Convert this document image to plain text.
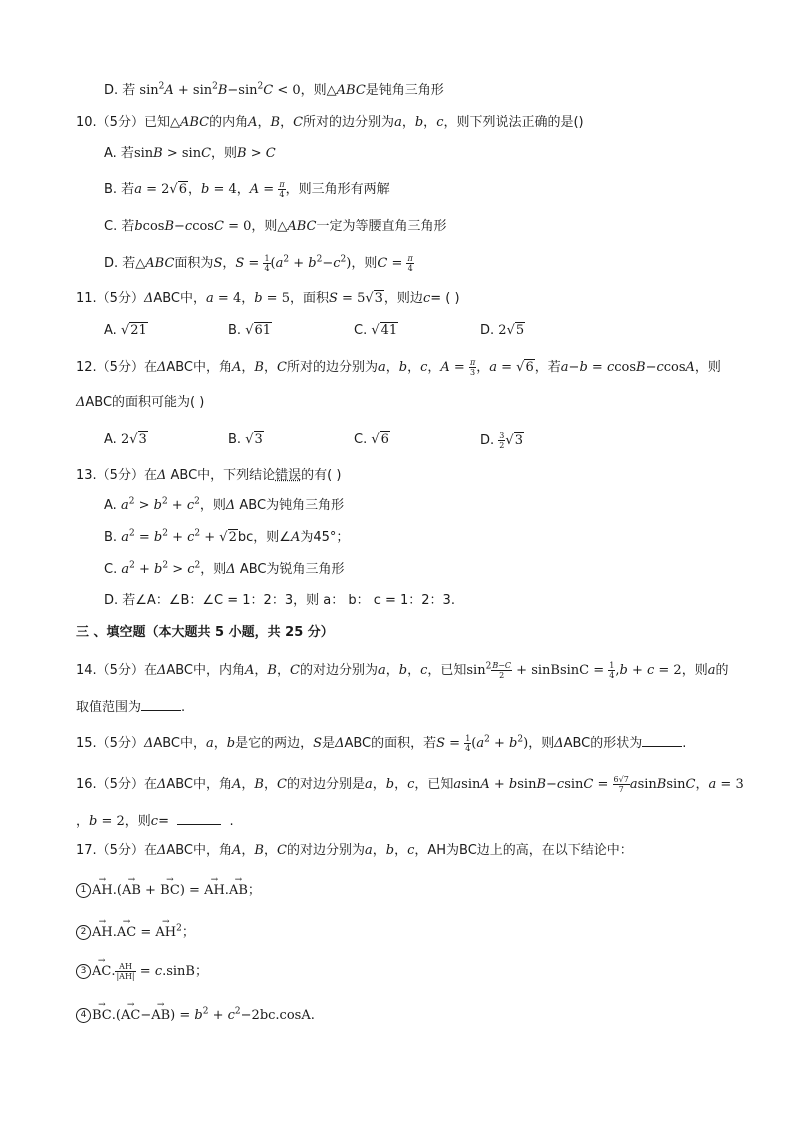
D. 若 $\sin^2A + \sin^2B-\sin^2C < 0$，则△ABC是钝角三角形
10.（5分）已知△ABC的内角A，B，C所对的边分别为a，b，c，则下列说法正确的是()
A. 若sinB > sinC，则B > C
B. 若a = 2√6，b = 4，$A = \frac{\pi}{4}$ ，则三角形有两解
C. 若bcosB−ccosC = 0，则△ABC一定为等腰直角三角形
D. 若△ABC面积为S，$S = \frac{1}{4} (a^2 + b^2-c^2)$，则$C = \frac{\pi}{4}$
11.（5分）ΔABC中，a = 4，b = 5，面积S = 5√3，则边c= ( )
A. √21	B. √61	C. √41	D. 2√5
12.（5分）在ΔABC中，角A，B，C所对的边分别为a，b，c，$A = \frac{\pi}{3}$ ，a = √6，若a−b = ccosB−ccosA，则
ΔABC的面积可能为( )
A. 2√3	B. √3	C. √6	D. $\frac{3}{2} √3$
13.（5分）在Δ ABC中，下列结论错误的有( )
A. $a^2 > b^2 + c^2$，则Δ ABC为钝角三角形
B. $a^2 = b^2 + c^2 + √2bc$，则∠A为45°；
C. $a^2 + b^2 > c^2$，则Δ ABC为锐角三角形
D. 若∠A：∠B：∠C = 1：2：3，则 a： b： c = 1：2：3.
三 、填空题（本大题共 5 小题，共 25 分）
14.（5分）在ΔABC中，内角A，B，C的对边分别为a，b，c，已知$\sin^2 \frac{B-C}{2}$ + sinBsinC = $\frac{1}{4} ,b + c = 2$，则a的
取值范围为	.
15.（5分）ΔABC中，a，b是它的两边，S是ΔABC的面积，若$S = \frac{1}{4} (a^2 + b^2)$，则ΔABC的形状为	.
16.（5分）在ΔABC中，角A，B，C的对边分别是a，b，c，已知$asinA + bsinB-csinC = \frac{6√7}{7}$ asinBsinC，a = 3
，b = 2，则c=	.
17.（5分）在ΔABC中，角A，B，C的对边分别为a，b，c，AH为BC边上的高，在以下结论中：
1 → AH.(→ AB + → BC) = → AH.→ AB；
2 → AH.→ AC = → $AH^2$；
3 → AC. $\frac{AH}{|AH|} = c.\sin B$；
$4 \to BC.(\to AC-\to AB) = b^2 + c^2-2bc.\cos A$.
